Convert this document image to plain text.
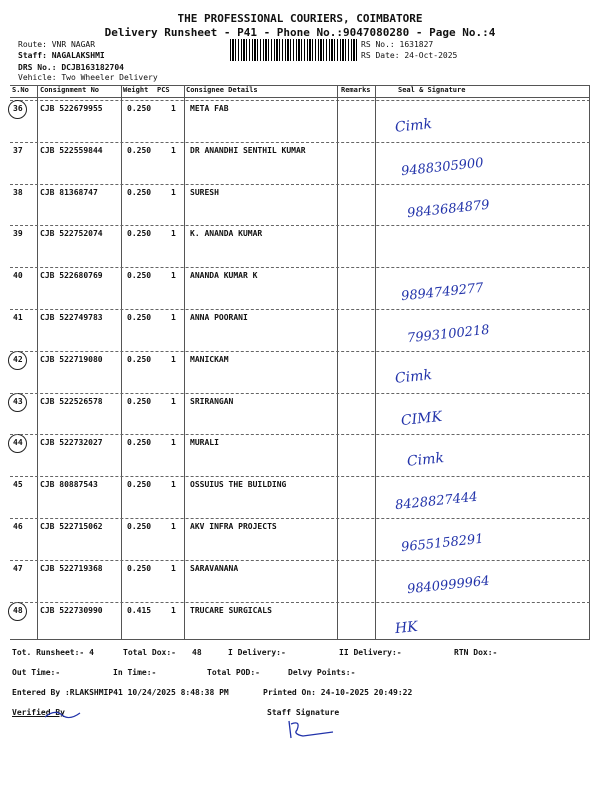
THE PROFESSIONAL COURIERS, COIMBATORE
Delivery Runsheet - P41 - Phone No.:9047080280 - Page No.:4
Route: VNR NAGAR
Staff: NAGALAKSHMI
DRS No.: DCJB163182704
Vehicle: Two Wheeler Delivery
RS No.: 1631827
RS Date: 24-Oct-2025
S.No Consignment No	Weight PCS Consignee Details	Remarks	Seal & Signature
36 CJB 522679955	0.250 1 META FAB
Cimk
37 CJB 522559844	0.250 1 DR ANANDHI SENTHIL KUMAR
9488305900
38 CJB 81368747	0.250 1 SURESH
9843684879
39 CJB 522752074	0.250 1 K. ANANDA KUMAR
40 CJB 522680769	0.250 1 ANANDA KUMAR K
9894749277
41 CJB 522749783	0.250 1 ANNA POORANI
7993100218
42 CJB 522719080	0.250 1 MANICKAM
Cimk
43 CJB 522526578	0.250 1 SRIRANGAN
CIMK
44 CJB 522732027	0.250 1 MURALI
Cimk
45 CJB 80887543	0.250 1 OSSUIUS THE BUILDING
8428827444
46 CJB 522715062	0.250 1 AKV INFRA PROJECTS
9655158291
47 CJB 522719368	0.250 1 SARAVANANA
9840999964
48 CJB 522730990	0.415 1 TRUCARE SURGICALS
HK
Tot. Runsheet:- 4	Total Dox:- 48	I Delivery:-	II Delivery:-	RTN Dox:-
Out Time:-	In Time:-	Total POD:-	Delvy Points:-
Entered By :RLAKSHMIP41 10/24/2025 8:48:38 PM	Printed On: 24-10-2025 20:49:22
Verified By	Staff Signature
